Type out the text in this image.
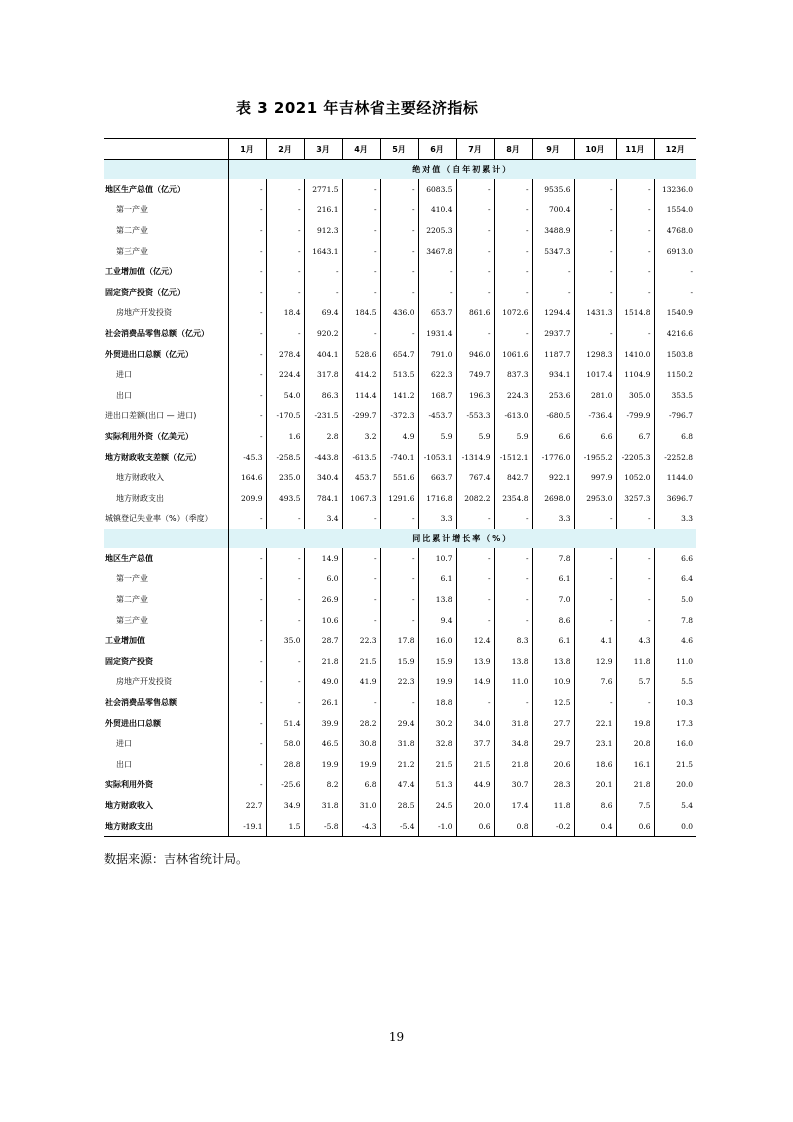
表 3 2021 年吉林省主要经济指标
	1月	2月	3月	4月	5月	6月	7月	8月	9月	10月	11月	12月
	绝对值（自年初累计）											
地区生产总值（亿元）	-	-	2771.5	-	-	6083.5	-	-	9535.6	-	-	13236.0
第一产业	-	-	216.1	-	-	410.4	-	-	700.4	-	-	1554.0
第二产业	-	-	912.3	-	-	2205.3	-	-	3488.9	-	-	4768.0
第三产业	-	-	1643.1	-	-	3467.8	-	-	5347.3	-	-	6913.0
工业增加值（亿元）	-	-	-	-	-	-	-	-	-	-	-	-
固定资产投资（亿元）	-	-	-	-	-	-	-	-	-	-	-	-
房地产开发投资	-	18.4	69.4	184.5	436.0	653.7	861.6	1072.6	1294.4	1431.3	1514.8	1540.9
社会消费品零售总额（亿元）	-	-	920.2	-	-	1931.4	-	-	2937.7	-	-	4216.6
外贸进出口总额（亿元）	-	278.4	404.1	528.6	654.7	791.0	946.0	1061.6	1187.7	1298.3	1410.0	1503.8
进口	-	224.4	317.8	414.2	513.5	622.3	749.7	837.3	934.1	1017.4	1104.9	1150.2
出口	-	54.0	86.3	114.4	141.2	168.7	196.3	224.3	253.6	281.0	305.0	353.5
进出口差额(出口 — 进口)	-	-170.5	-231.5	-299.7	-372.3	-453.7	-553.3	-613.0	-680.5	-736.4	-799.9	-796.7
实际利用外资（亿美元）	-	1.6	2.8	3.2	4.9	5.9	5.9	5.9	6.6	6.6	6.7	6.8
地方财政收支差额（亿元）	-45.3	-258.5	-443.8	-613.5	-740.1	-1053.1	-1314.9	-1512.1	-1776.0	-1955.2	-2205.3	-2252.8
地方财政收入	164.6	235.0	340.4	453.7	551.6	663.7	767.4	842.7	922.1	997.9	1052.0	1144.0
地方财政支出	209.9	493.5	784.1	1067.3	1291.6	1716.8	2082.2	2354.8	2698.0	2953.0	3257.3	3696.7
城镇登记失业率（%）（季度）	-	-	3.4	-	-	3.3	-	-	3.3	-	-	3.3
	同比累计增长率（%）											
地区生产总值	-	-	14.9	-	-	10.7	-	-	7.8	-	-	6.6
第一产业	-	-	6.0	-	-	6.1	-	-	6.1	-	-	6.4
第二产业	-	-	26.9	-	-	13.8	-	-	7.0	-	-	5.0
第三产业	-	-	10.6	-	-	9.4	-	-	8.6	-	-	7.8
工业增加值	-	35.0	28.7	22.3	17.8	16.0	12.4	8.3	6.1	4.1	4.3	4.6
固定资产投资	-	-	21.8	21.5	15.9	15.9	13.9	13.8	13.8	12.9	11.8	11.0
房地产开发投资	-	-	49.0	41.9	22.3	19.9	14.9	11.0	10.9	7.6	5.7	5.5
社会消费品零售总额	-	-	26.1	-	-	18.8	-	-	12.5	-	-	10.3
外贸进出口总额	-	51.4	39.9	28.2	29.4	30.2	34.0	31.8	27.7	22.1	19.8	17.3
进口	-	58.0	46.5	30.8	31.8	32.8	37.7	34.8	29.7	23.1	20.8	16.0
出口	-	28.8	19.9	19.9	21.2	21.5	21.5	21.8	20.6	18.6	16.1	21.5
实际利用外资	-	-25.6	8.2	6.8	47.4	51.3	44.9	30.7	28.3	20.1	21.8	20.0
地方财政收入	22.7	34.9	31.8	31.0	28.5	24.5	20.0	17.4	11.8	8.6	7.5	5.4
地方财政支出	-19.1	1.5	-5.8	-4.3	-5.4	-1.0	0.6	0.8	-0.2	0.4	0.6	0.0
数据来源：吉林省统计局。
19
